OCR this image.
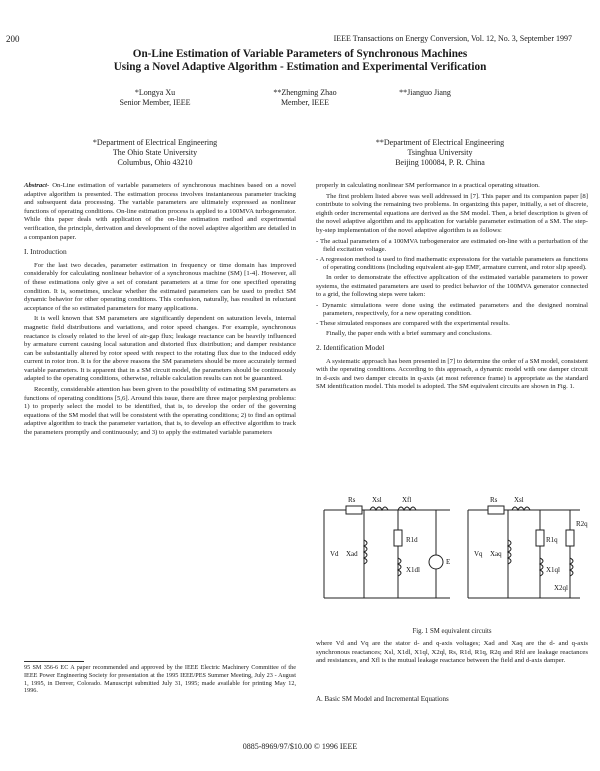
200	IEEE Transactions on Energy Conversion, Vol. 12, No. 3, September 1997
On-Line Estimation of Variable Parameters of Synchronous Machines
Using a Novel Adaptive Algorithm - Estimation and Experimental Verification
*Longya Xu
Senior Member, IEEE
**Zhengming Zhao
Member, IEEE
**Jianguo Jiang
*Department of Electrical Engineering
The Ohio State University
Columbus, Ohio 43210
**Department of Electrical Engineering
Tsinghua University
Beijing 100084, P. R. China

Abstract- On-Line estimation of variable parameters of synchronous machines based on a novel adaptive algorithm is presented. The estimation process involves instantaneous parameter tracking and subsequent data processing. The variable parameters are ultimately expressed as nonlinear functions of operating conditions. On-line estimation process is applied to a 100MVA turbogenerator. While this paper deals with application of the on-line estimation method and experimental verification, the principle, derivation and development of the novel adaptive algorithm are detailed in a companion paper.

I. Introduction

For the last two decades, parameter estimation in frequency or time domain has improved considerably for calculating nonlinear behavior of a synchronous machine (SM) [1-4]. However, all of these estimations only give a set of constant parameters at a time for one specified operating condition. It is, sometimes, unclear whether the estimated parameters can be used to predict SM dynamic behavior for other operating conditions. This confusion, naturally, has resulted in reluctant acceptance of the so estimated parameters for many applications.

It is well known that SM parameters are significantly dependent on saturation levels, internal magnetic field distributions and variations, and rotor speed changes. For example, synchronous reactance is closely related to the level of air-gap flux; leakage reactance can be heavily influenced by armature current causing local saturation and distorted flux distribution; and damper resistance can be substantially altered by rotor speed with respect to the rotating flux due to the induced eddy current in rotor iron. It is for the above reasons the SM parameters should be more accurately termed variable parameters. It is apparent that in a SM circuit model, the parameters should be continuously adapted to the operating conditions, otherwise, reliable calculation results can not be guaranteed.

Recently, considerable attention has been given to the possibility of estimating SM parameters as functions of operating conditions [5,6]. Around this issue, there are three major perplexing problems: 1) to properly select the model to be identified, that is, to develop the order of the governing equations of the SM model that will be consistent with the operating conditions; 2) to find an optimal adaptive algorithm to track the parameter variation, that is, to develop an effective algorithm to track the parameters promptly and continuously; and 3) to apply the estimated variable parameters

95 SM 356-6 EC A paper recommended and approved by the IEEE Electric Machinery Committee of the IEEE Power Engineering Society for presentation at the 1995 IEEE/PES Summer Meeting, July 23 - August 1, 1995, in Denver, Colorado. Manuscript submitted July 31, 1995; made available for printing May 12, 1996.

properly in calculating nonlinear SM performance in a practical operating situation.

The first problem listed above was well addressed in [7]. This paper and its companion paper [8] contribute to solving the remaining two problems. In organizing this paper, initially, a set of discrete, eighth order incremental equations are derived as the SM model. Then, a brief description is given of the novel adaptive algorithm and its application for variable parameter estimation of a SM. The step-by-step implementation of the novel adaptive algorithm is as follows:

- The actual parameters of a 100MVA turbogenerator are estimated on-line with a perturbation of the field excitation voltage.
- A regression method is used to find mathematic expressions for the variable parameters as functions of operating conditions (including equivalent air-gap EMF, armature current, and rotor slip speed).

In order to demonstrate the effective application of the estimated variable parameters to power systems, the estimated parameters are used to predict behavior of the 100MVA generator connected to a grid, the following steps were taken:

- Dynamic simulations were done using the estimated parameters and the designed nominal parameters, respectively, for a new operating condition.
- These simulated responses are compared with the experimental results.

Finally, the paper ends with a brief summary and conclusions.

2. Identification Model

A systematic approach has been presented in [7] to determine the order of a SM model, consistent with the operating conditions. According to this approach, a dynamic model with one damper circuit in d-axis and two damper circuits in q-axis (at most reference frame) is appropriate as the standard SM identification model. This model is adopted. The SM equivalent circuits are shown in Fig. 1.

Rs Xsl	Xfl
R1d
X1dl
Vd Xad
E
Rs Xsl
R1q
R2q
Vq Xaq
X1ql
X2ql
Fig. 1 SM equivalent circuits
where Vd and Vq are the stator d- and q-axis voltages; Xad and Xaq are the d- and q-axis synchronous reactances; Xsl, X1dl, X1ql, X2ql, Rs, R1d, R1q, R2q and Rfd are leakage reactances and resistances, and Xfl is the mutual leakage reactance between the field and d-axis damper.
A. Basic SM Model and Incremental Equations
0885-8969/97/$10.00 © 1996 IEEE
